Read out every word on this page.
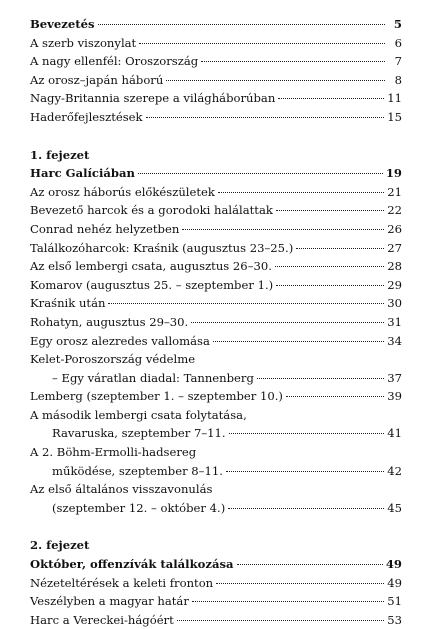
Bevezetés	5
A szerb viszonylat	6
A nagy ellenfél: Oroszország	7
Az orosz–japán háború	8
Nagy-Britannia szerepe a világháborúban	11
Haderőfejlesztések	15
1. fejezet
Harc Galíciában	19
Az orosz háborús előkészületek	21
Bevezető harcok és a gorodoki halálattak	22
Conrad nehéz helyzetben	26
Találkozóharcok: Kraśnik (augusztus 23–25.)	27
Az első lembergi csata, augusztus 26–30.	28
Komarov (augusztus 25. – szeptember 1.)	29
Kraśnik után	30
Rohatyn, augusztus 29–30.	31
Egy orosz alezredes vallomása	34
Kelet-Poroszország védelme
– Egy váratlan diadal: Tannenberg	37
Lemberg (szeptember 1. – szeptember 10.)	39
A második lembergi csata folytatása,
Ravaruska, szeptember 7–11.	41
A 2. Böhm-Ermolli-hadsereg
működése, szeptember 8–11.	42
Az első általános visszavonulás
(szeptember 12. – október 4.)	45
2. fejezet
Október, offenzívák találkozása	49
Nézeteltérések a keleti fronton	49
Veszélyben a magyar határ	51
Harc a Vereckei-hágóért	53
